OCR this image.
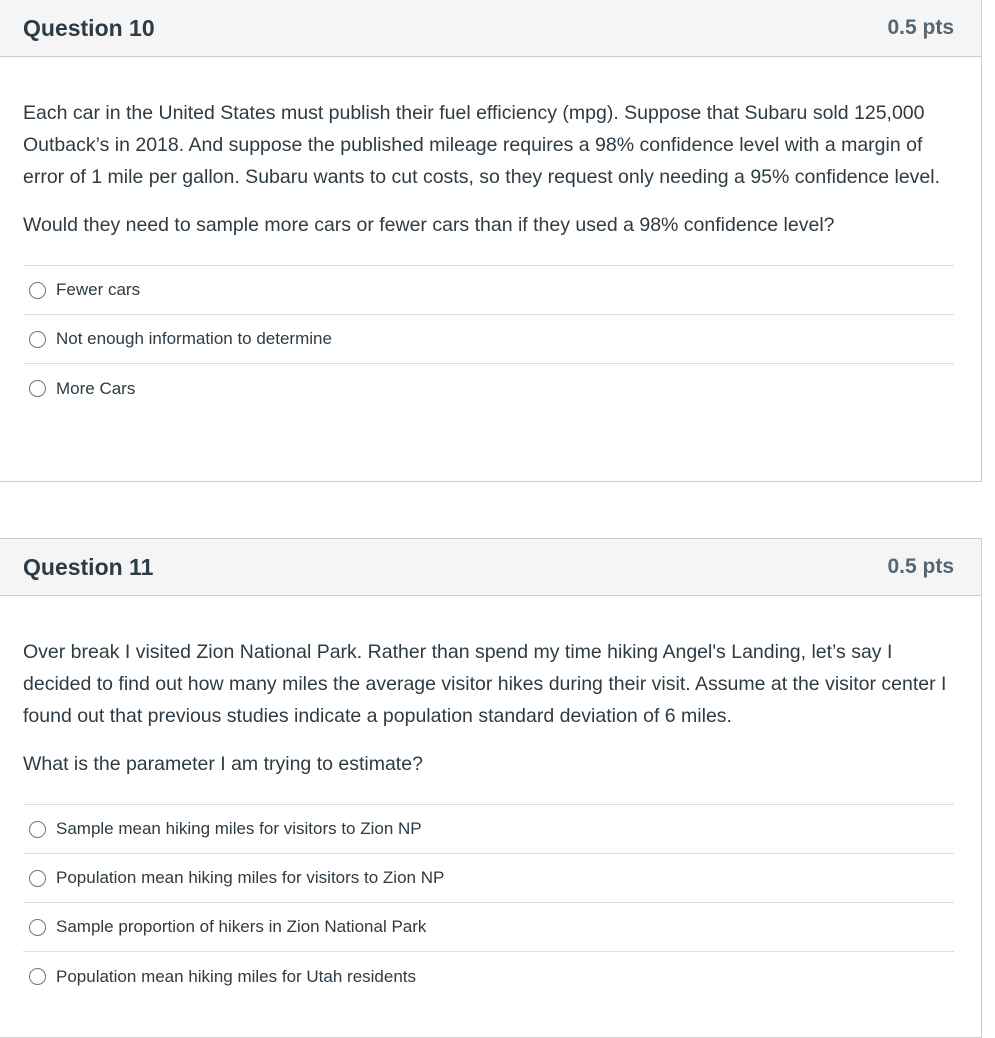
Question 10	0.5 pts

Each car in the United States must publish their fuel efficiency (mpg). Suppose that Subaru sold 125,000 Outback’s in 2018. And suppose the published mileage requires a 98% confidence level with a margin of error of 1 mile per gallon. Subaru wants to cut costs, so they request only needing a 95% confidence level.

Would they need to sample more cars or fewer cars than if they used a 98% confidence level?

Fewer cars
Not enough information to determine
More Cars
Question 11	0.5 pts

Over break I visited Zion National Park. Rather than spend my time hiking Angel's Landing, let’s say I decided to find out how many miles the average visitor hikes during their visit. Assume at the visitor center I found out that previous studies indicate a population standard deviation of 6 miles.

What is the parameter I am trying to estimate?

Sample mean hiking miles for visitors to Zion NP
Population mean hiking miles for visitors to Zion NP
Sample proportion of hikers in Zion National Park
Population mean hiking miles for Utah residents
